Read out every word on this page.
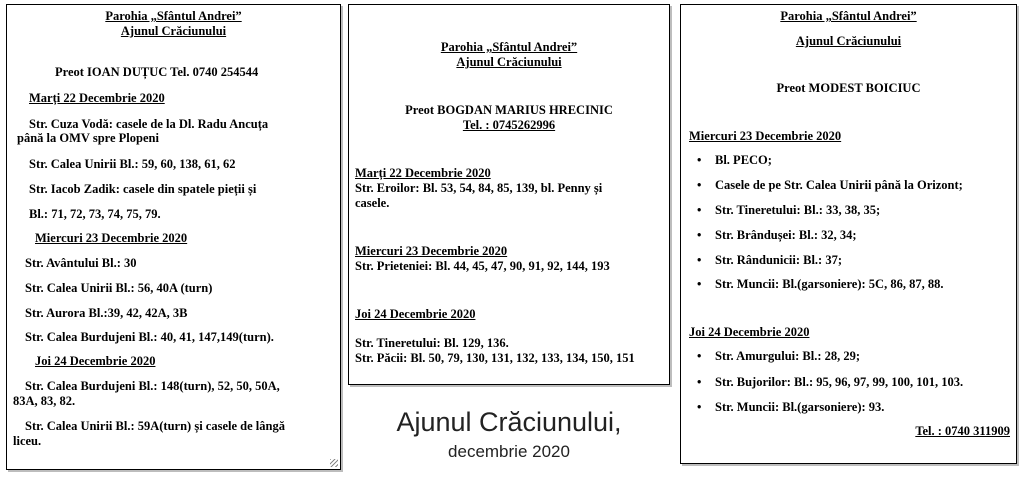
Parohia „Sfântul Andrei”
Ajunul Crăciunului
Preot IOAN DUȚUC Tel. 0740 254544
Marți 22 Decembrie 2020
Str. Cuza Vodă: casele de la Dl. Radu Ancuța
până la OMV spre Plopeni
Str. Calea Unirii Bl.: 59, 60, 138, 61, 62
Str. Iacob Zadik: casele din spatele pieții și
Bl.: 71, 72, 73, 74, 75, 79.
Miercuri 23 Decembrie 2020
Str. Avântului Bl.: 30
Str. Calea Unirii Bl.: 56, 40A (turn)
Str. Aurora Bl.:39, 42, 42A, 3B
Str. Calea Burdujeni Bl.: 40, 41, 147,149(turn).
Joi 24 Decembrie 2020
Str. Calea Burdujeni Bl.: 148(turn), 52, 50, 50A,
83A, 83, 82.
Str. Calea Unirii Bl.: 59A(turn) și casele de lângă
liceu.
Parohia „Sfântul Andrei”
Ajunul Crăciunului
Preot BOGDAN MARIUS HRECINIC
Tel. : 0745262996
Marți 22 Decembrie 2020
Str. Eroilor: Bl. 53, 54, 84, 85, 139, bl. Penny și
casele.
Miercuri 23 Decembrie 2020
Str. Prieteniei: Bl. 44, 45, 47, 90, 91, 92, 144, 193
Joi 24 Decembrie 2020
Str. Tineretului: Bl. 129, 136.
Str. Păcii: Bl. 50, 79, 130, 131, 132, 133, 134, 150, 151
Parohia „Sfântul Andrei”
Ajunul Crăciunului
Preot MODEST BOICIUC
Miercuri 23 Decembrie 2020
• Bl. PECO;
• Casele de pe Str. Calea Unirii până la Orizont;
• Str. Tineretului: Bl.: 33, 38, 35;
• Str. Brândușei: Bl.: 32, 34;
• Str. Rândunicii: Bl.: 37;
• Str. Muncii: Bl.(garsoniere): 5C, 86, 87, 88.
Joi 24 Decembrie 2020
• Str. Amurgului: Bl.: 28, 29;
• Str. Bujorilor: Bl.: 95, 96, 97, 99, 100, 101, 103.
• Str. Muncii: Bl.(garsoniere): 93.
Tel. : 0740 311909
Ajunul Crăciunului,
decembrie 2020
